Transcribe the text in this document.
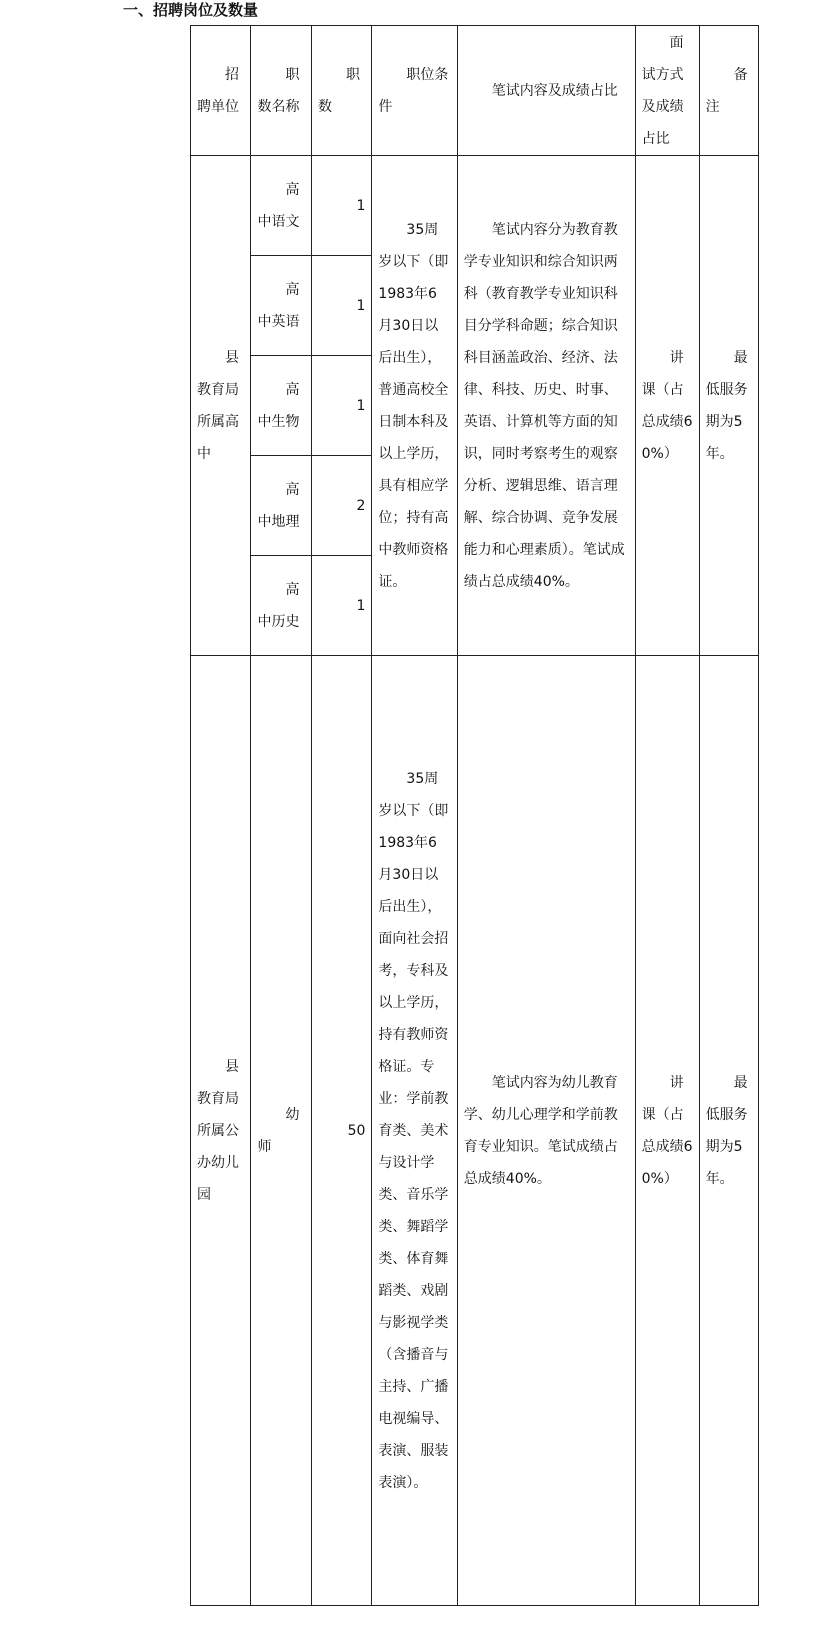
一、招聘岗位及数量
招聘单位	职数名称	职数	职位条件	笔试内容及成绩占比	面试方式及成绩占比	备注
县教育局所属高中	高中语文	1	35周岁以下（即1983年6月30日以后出生），普通高校全日制本科及以上学历，具有相应学位；持有高中教师资格证。	笔试内容分为教育教学专业知识和综合知识两科（教育教学专业知识科目分学科命题；综合知识科目涵盖政治、经济、法律、科技、历史、时事、英语、计算机等方面的知识，同时考察考生的观察分析、逻辑思维、语言理解、综合协调、竞争发展能力和心理素质）。笔试成绩占总成绩40%。	讲课（占总成绩60%）	最低服务期为5年。
	高中英语	1				
	高中生物	1				
	高中地理	2				
	高中历史	1				
县教育局所属公办幼儿园	幼师	50	35周岁以下（即1983年6月30日以后出生），面向社会招考，专科及以上学历，持有教师资格证。专业：学前教育类、美术与设计学类、音乐学类、舞蹈学类、体育舞蹈类、戏剧与影视学类（含播音与主持、广播电视编导、表演、服装表演）。	笔试内容为幼儿教育学、幼儿心理学和学前教育专业知识。笔试成绩占总成绩40%。	讲课（占总成绩60%）	最低服务期为5年。
